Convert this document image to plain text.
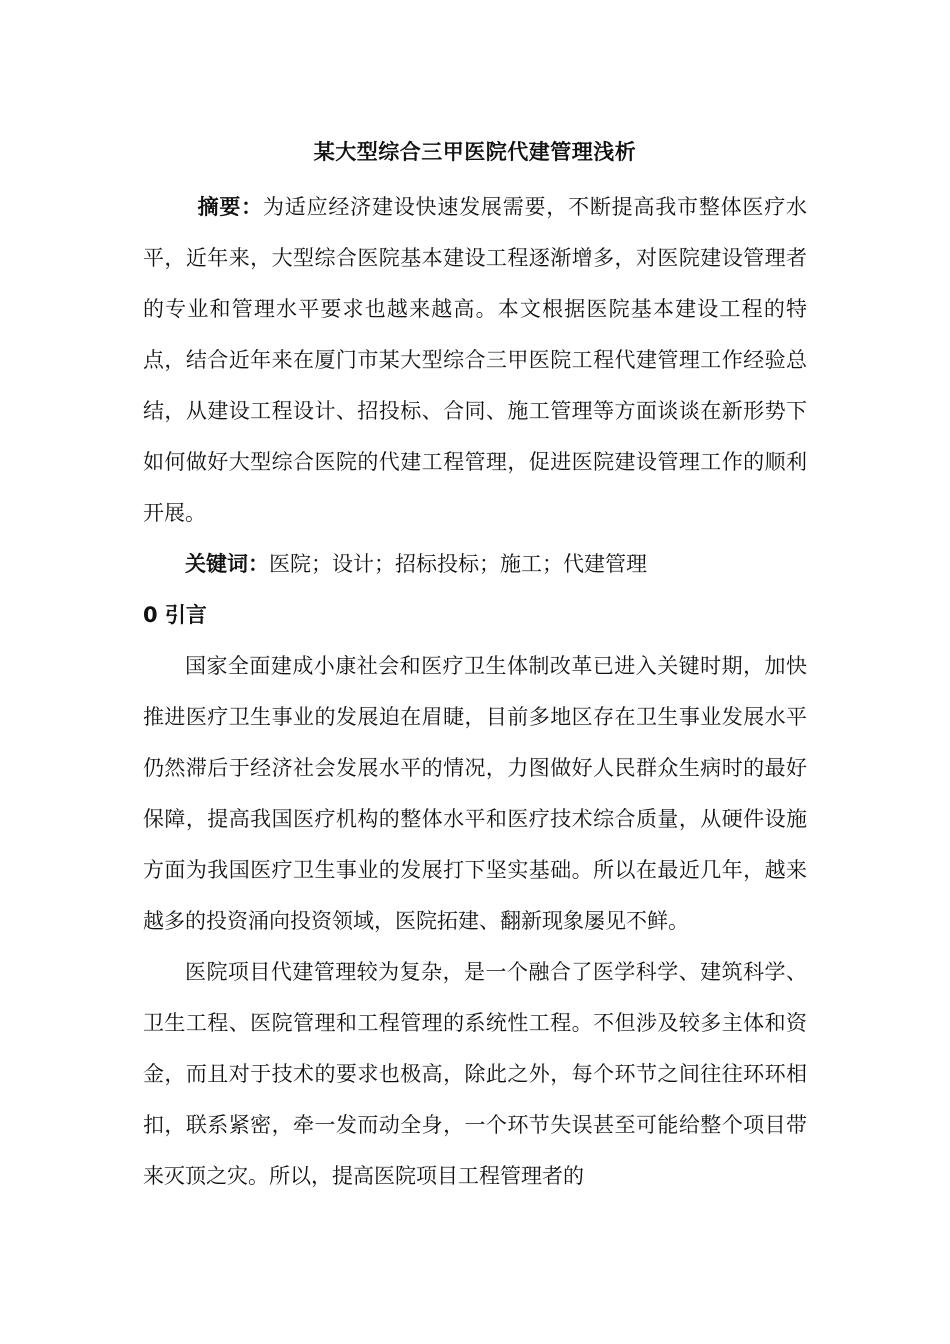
某大型综合三甲医院代建管理浅析

摘要：为适应经济建设快速发展需要，不断提高我市整体医疗水平，近年来，大型综合医院基本建设工程逐渐增多，对医院建设管理者的专业和管理水平要求也越来越高。本文根据医院基本建设工程的特点，结合近年来在厦门市某大型综合三甲医院工程代建管理工作经验总结，从建设工程设计、招投标、合同、施工管理等方面谈谈在新形势下如何做好大型综合医院的代建工程管理，促进医院建设管理工作的顺利开展。

关键词：医院；设计；招标投标；施工；代建管理

0 引言

国家全面建成小康社会和医疗卫生体制改革已进入关键时期，加快推进医疗卫生事业的发展迫在眉睫，目前多地区存在卫生事业发展水平仍然滞后于经济社会发展水平的情况，力图做好人民群众生病时的最好保障，提高我国医疗机构的整体水平和医疗技术综合质量，从硬件设施方面为我国医疗卫生事业的发展打下坚实基础。所以在最近几年，越来越多的投资涌向投资领域，医院拓建、翻新现象屡见不鲜。

医院项目代建管理较为复杂，是一个融合了医学科学、建筑科学、卫生工程、医院管理和工程管理的系统性工程。不但涉及较多主体和资金，而且对于技术的要求也极高，除此之外，每个环节之间往往环环相扣，联系紧密，牵一发而动全身，一个环节失误甚至可能给整个项目带来灭顶之灾。所以，提高医院项目工程管理者的
